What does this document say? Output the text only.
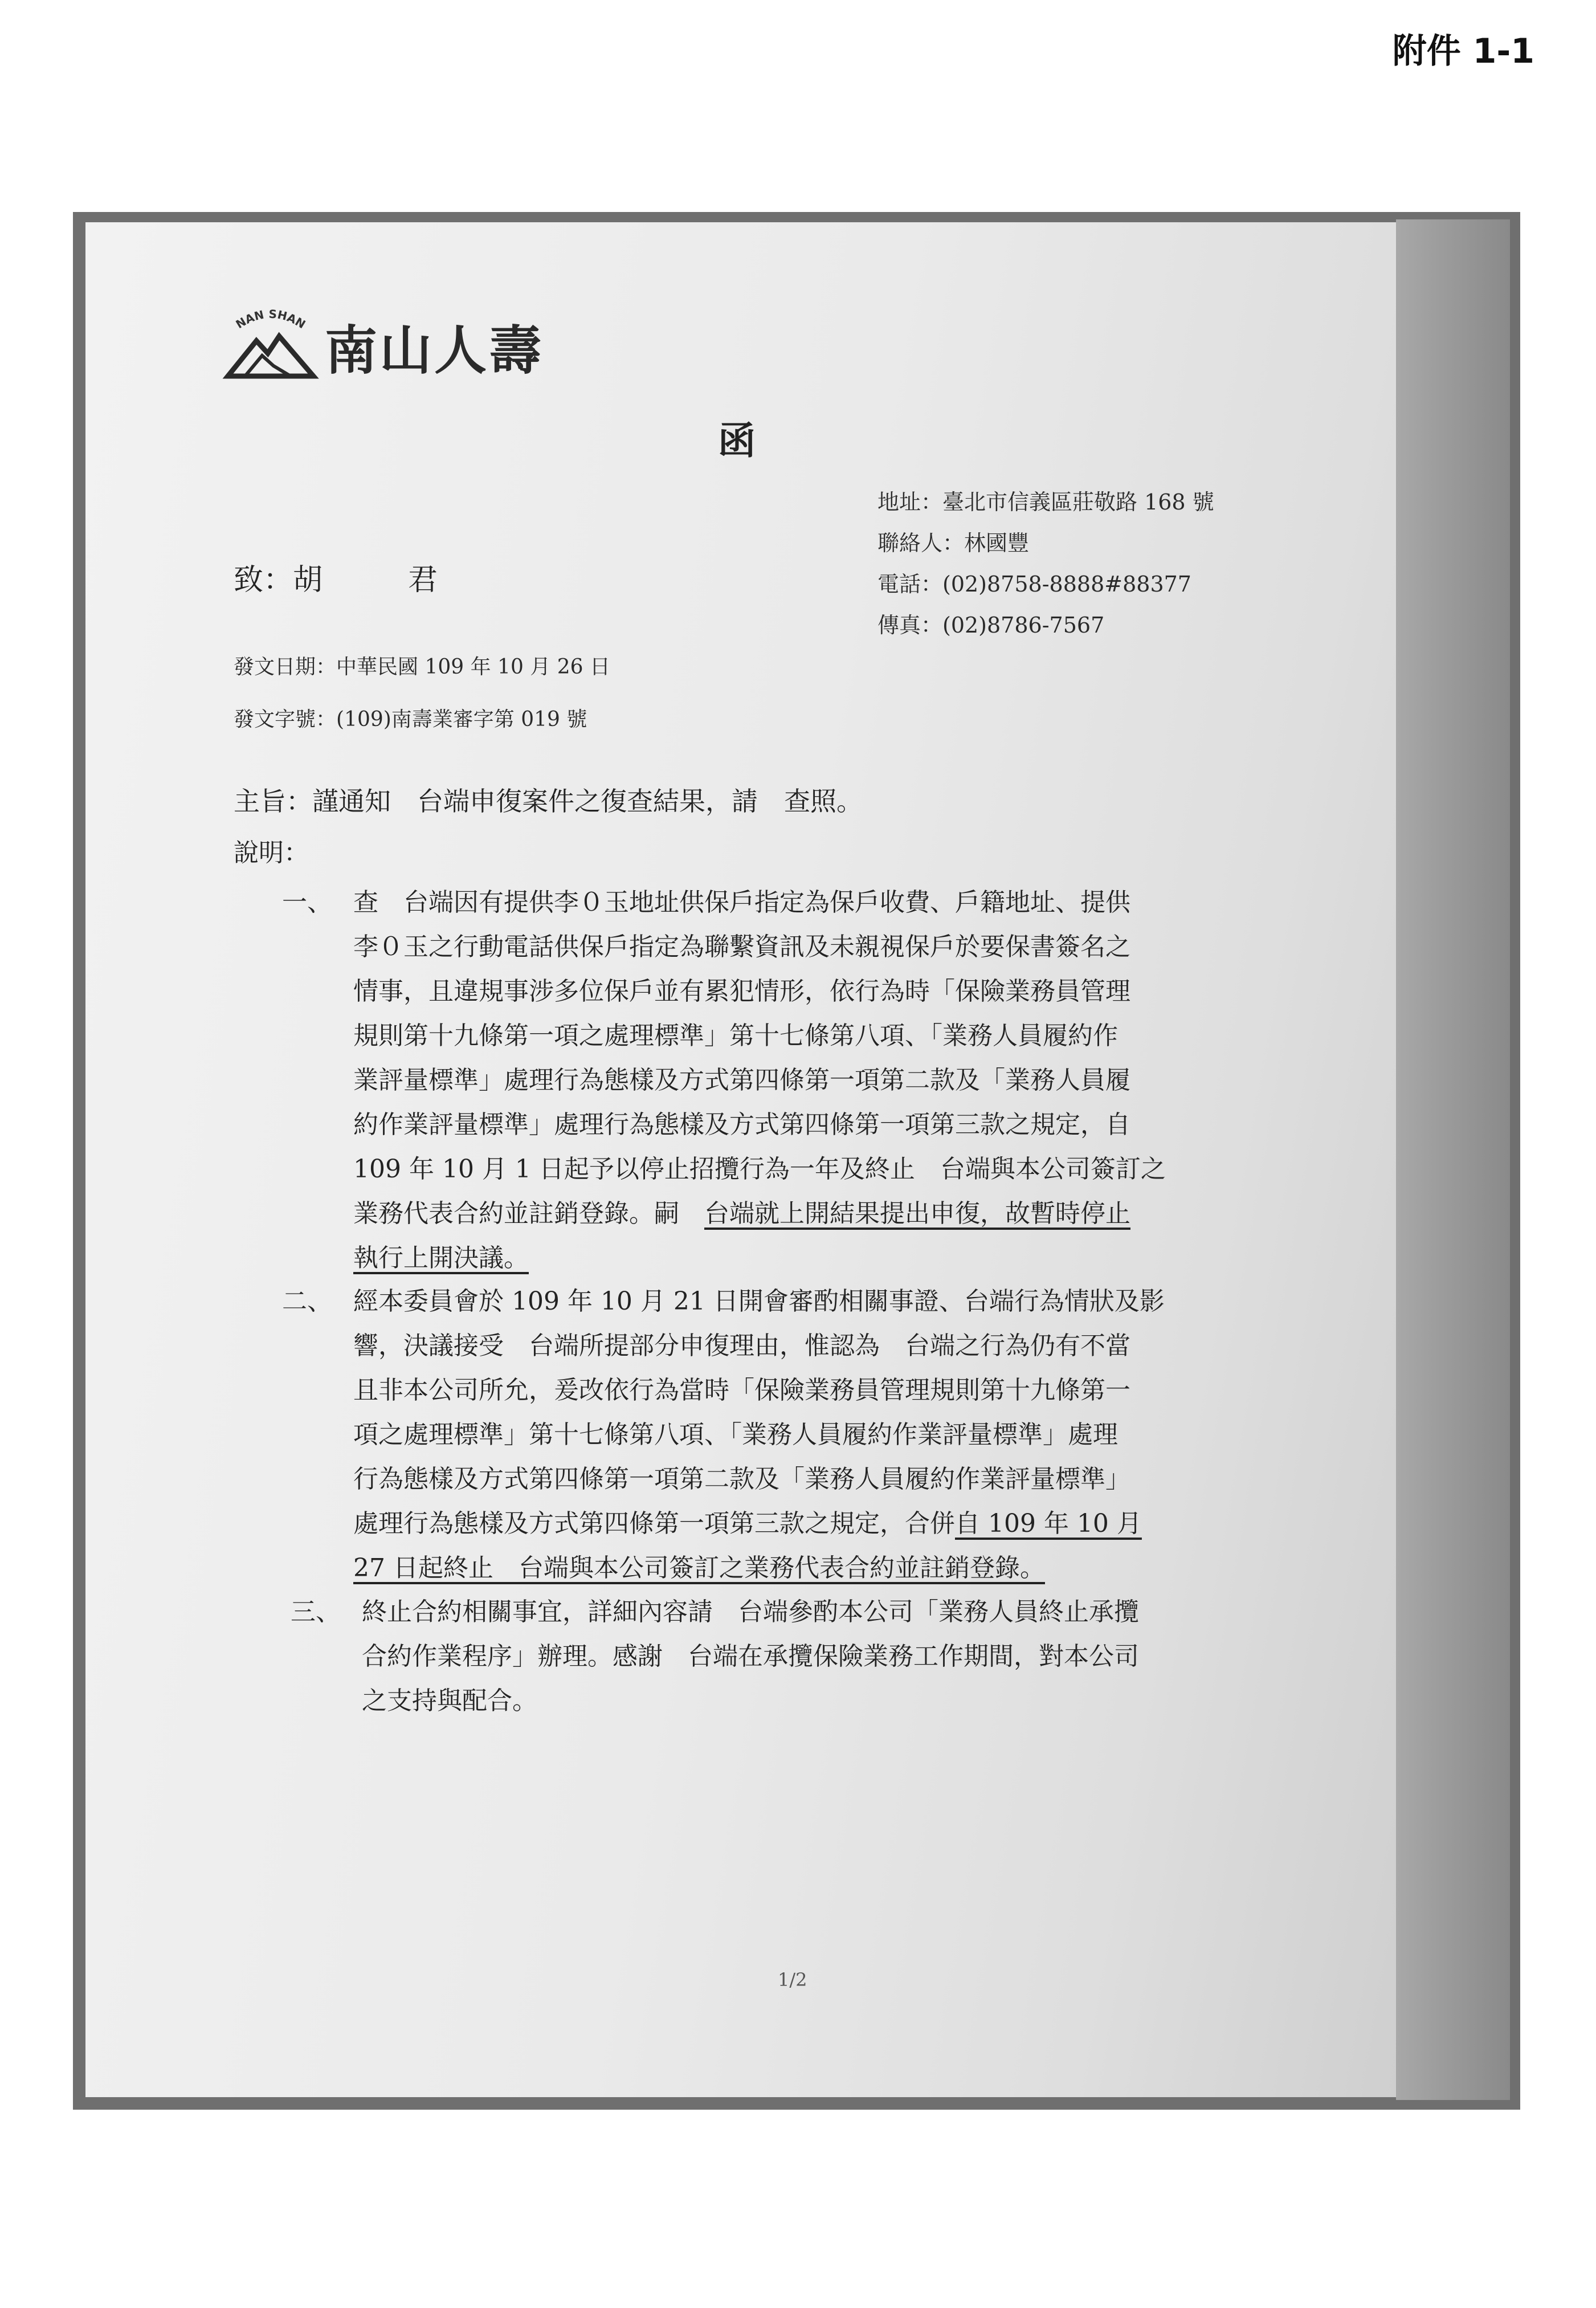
附件 1-1
NAN SHAN 南山人壽
函
地址：臺北市信義區莊敬路 168 號
聯絡人：林國豐
電話：(02)8758-8888#88377
傳真：(02)8786-7567
致：胡	君
發文日期：中華民國 109 年 10 月 26 日
發文字號：(109)南壽業審字第 019 號
主旨：謹通知　台端申復案件之復查結果，請　查照。
說明：
一、 查　台端因有提供李０玉地址供保戶指定為保戶收費、戶籍地址、提供
李０玉之行動電話供保戶指定為聯繫資訊及未親視保戶於要保書簽名之
情事，且違規事涉多位保戶並有累犯情形，依行為時「保險業務員管理
規則第十九條第一項之處理標準」第十七條第八項、「業務人員履約作
業評量標準」處理行為態樣及方式第四條第一項第二款及「業務人員履
約作業評量標準」處理行為態樣及方式第四條第一項第三款之規定，自
109 年 10 月 1 日起予以停止招攬行為一年及終止　台端與本公司簽訂之
業務代表合約並註銷登錄。嗣　台端就上開結果提出申復，故暫時停止
執行上開決議。
二、 經本委員會於 109 年 10 月 21 日開會審酌相關事證、台端行為情狀及影
響，決議接受　台端所提部分申復理由，惟認為　台端之行為仍有不當
且非本公司所允，爰改依行為當時「保險業務員管理規則第十九條第一
項之處理標準」第十七條第八項、「業務人員履約作業評量標準」處理
行為態樣及方式第四條第一項第二款及「業務人員履約作業評量標準」
處理行為態樣及方式第四條第一項第三款之規定，合併自 109 年 10 月
27 日起終止　台端與本公司簽訂之業務代表合約並註銷登錄。
三、 終止合約相關事宜，詳細內容請　台端參酌本公司「業務人員終止承攬
合約作業程序」辦理。感謝　台端在承攬保險業務工作期間，對本公司
之支持與配合。
1/2
